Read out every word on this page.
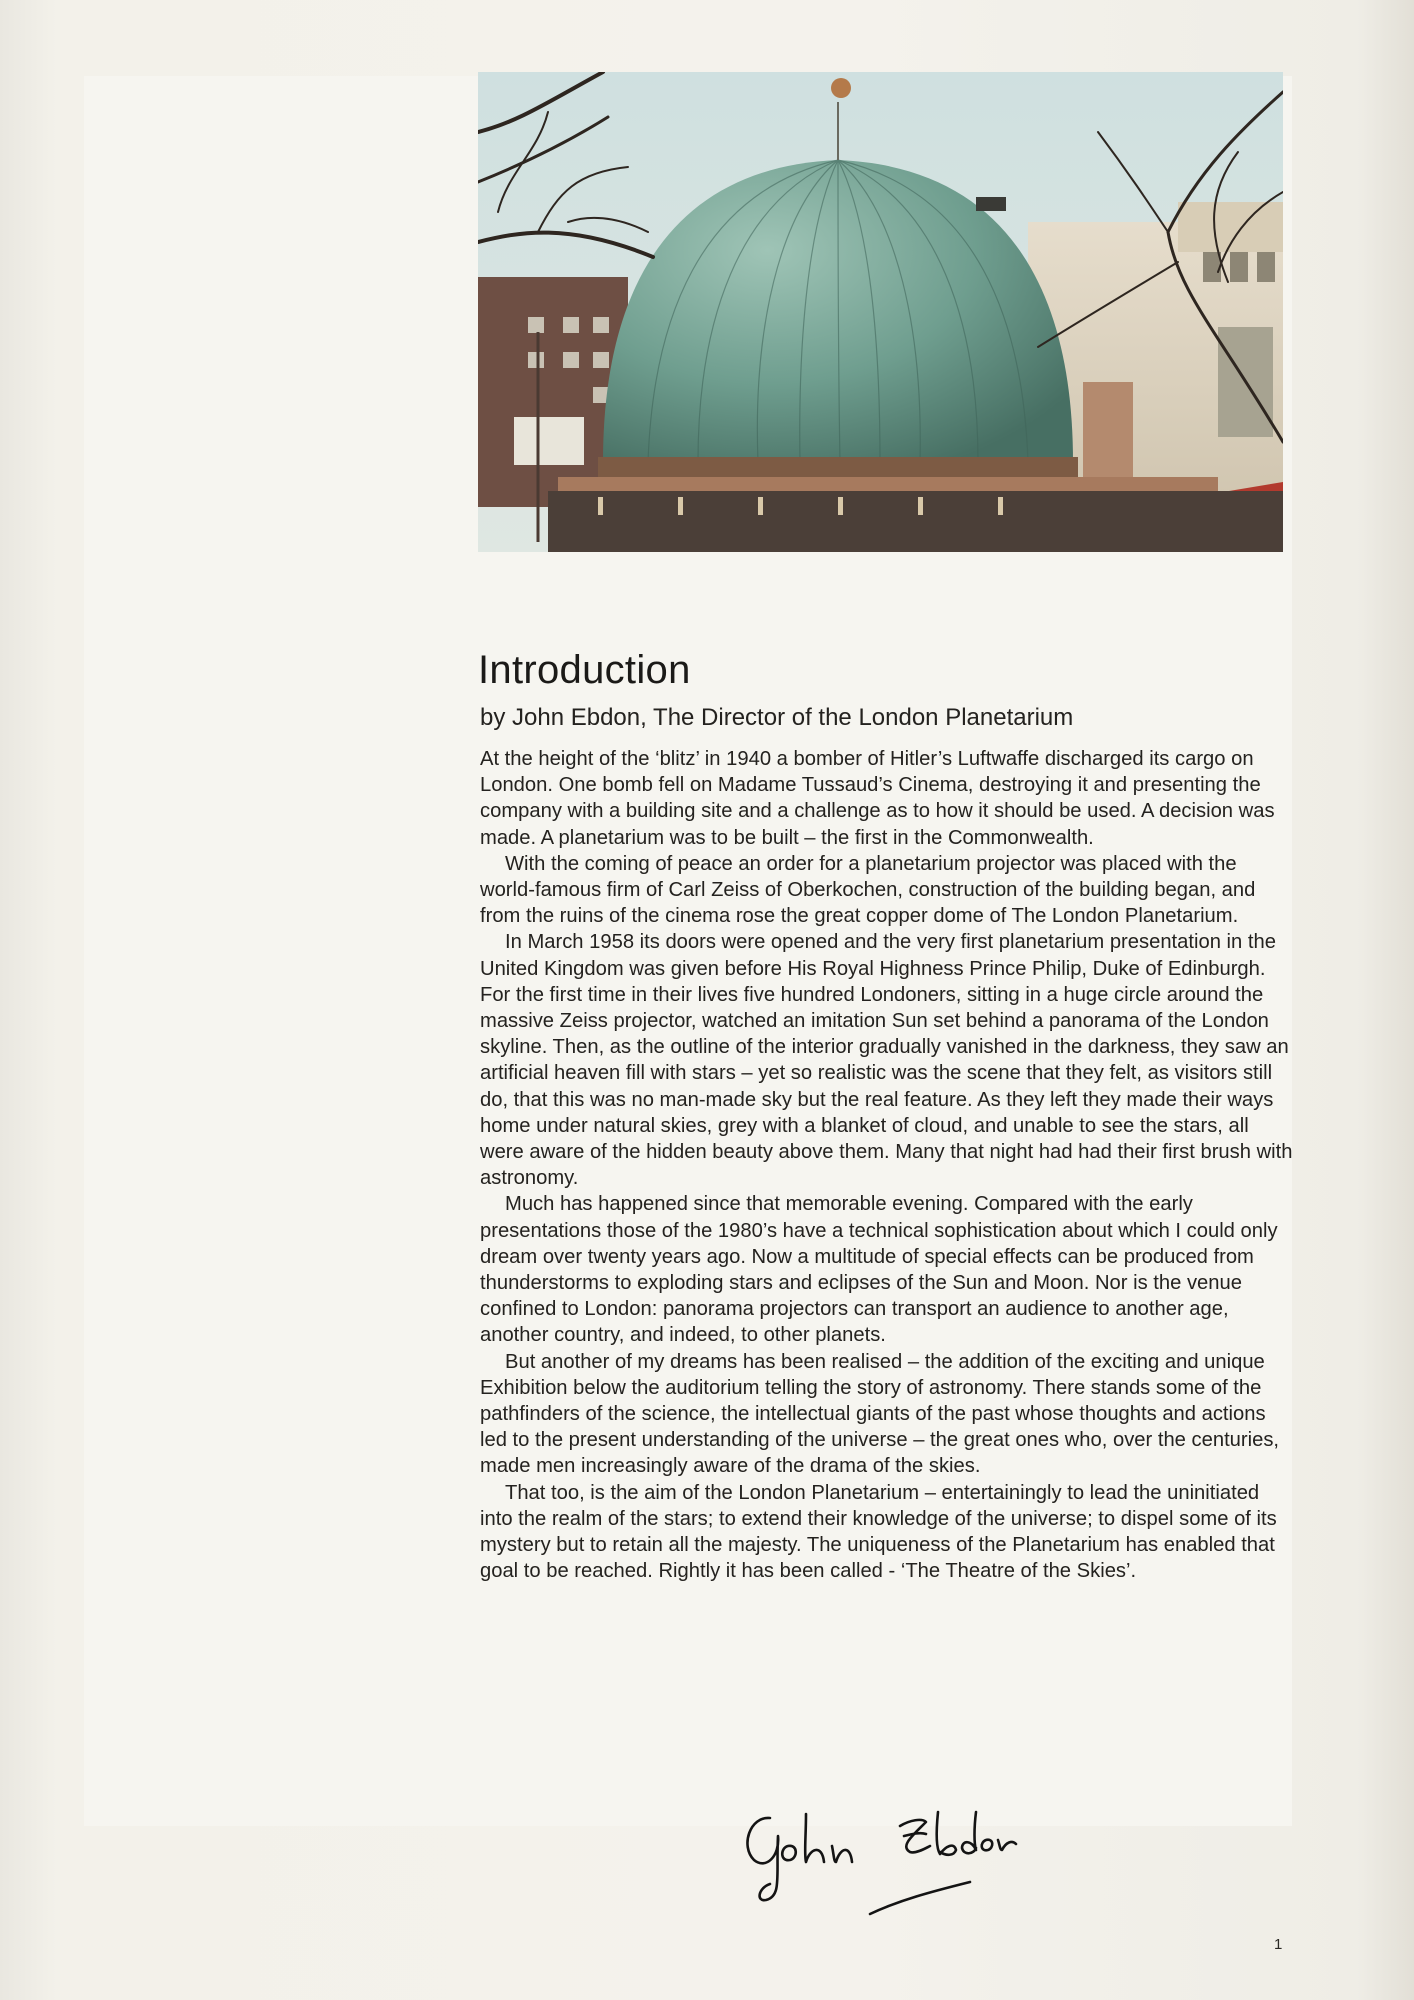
Introduction
by John Ebdon, The Director of the London Planetarium

At the height of the ‘blitz’ in 1940 a bomber of Hitler’s Luftwaffe discharged its cargo on London. One bomb fell on Madame Tussaud’s Cinema, destroying it and presenting the company with a building site and a challenge as to how it should be used. A decision was made. A planetarium was to be built – the first in the Commonwealth.

With the coming of peace an order for a planetarium projector was placed with the world-famous firm of Carl Zeiss of Oberkochen, construction of the building began, and from the ruins of the cinema rose the great copper dome of The London Planetarium.

In March 1958 its doors were opened and the very first planetarium presentation in the United Kingdom was given before His Royal Highness Prince Philip, Duke of Edinburgh. For the first time in their lives five hundred Londoners, sitting in a huge circle around the massive Zeiss projector, watched an imitation Sun set behind a panorama of the London skyline. Then, as the outline of the interior gradually vanished in the darkness, they saw an artificial heaven fill with stars – yet so realistic was the scene that they felt, as visitors still do, that this was no man-made sky but the real feature. As they left they made their ways home under natural skies, grey with a blanket of cloud, and unable to see the stars, all were aware of the hidden beauty above them. Many that night had had their first brush with astronomy.

Much has happened since that memorable evening. Compared with the early presentations those of the 1980’s have a technical sophistication about which I could only dream over twenty years ago. Now a multitude of special effects can be produced from thunderstorms to exploding stars and eclipses of the Sun and Moon. Nor is the venue confined to London: panorama projectors can transport an audience to another age, another country, and indeed, to other planets.

But another of my dreams has been realised – the addition of the exciting and unique Exhibition below the auditorium telling the story of astronomy. There stands some of the pathfinders of the science, the intellectual giants of the past whose thoughts and actions led to the present understanding of the universe – the great ones who, over the centuries, made men increasingly aware of the drama of the skies.

That too, is the aim of the London Planetarium – entertainingly to lead the uninitiated into the realm of the stars; to extend their knowledge of the universe; to dispel some of its mystery but to retain all the majesty. The uniqueness of the Planetarium has enabled that goal to be reached. Rightly it has been called - ‘The Theatre of the Skies’.

1
